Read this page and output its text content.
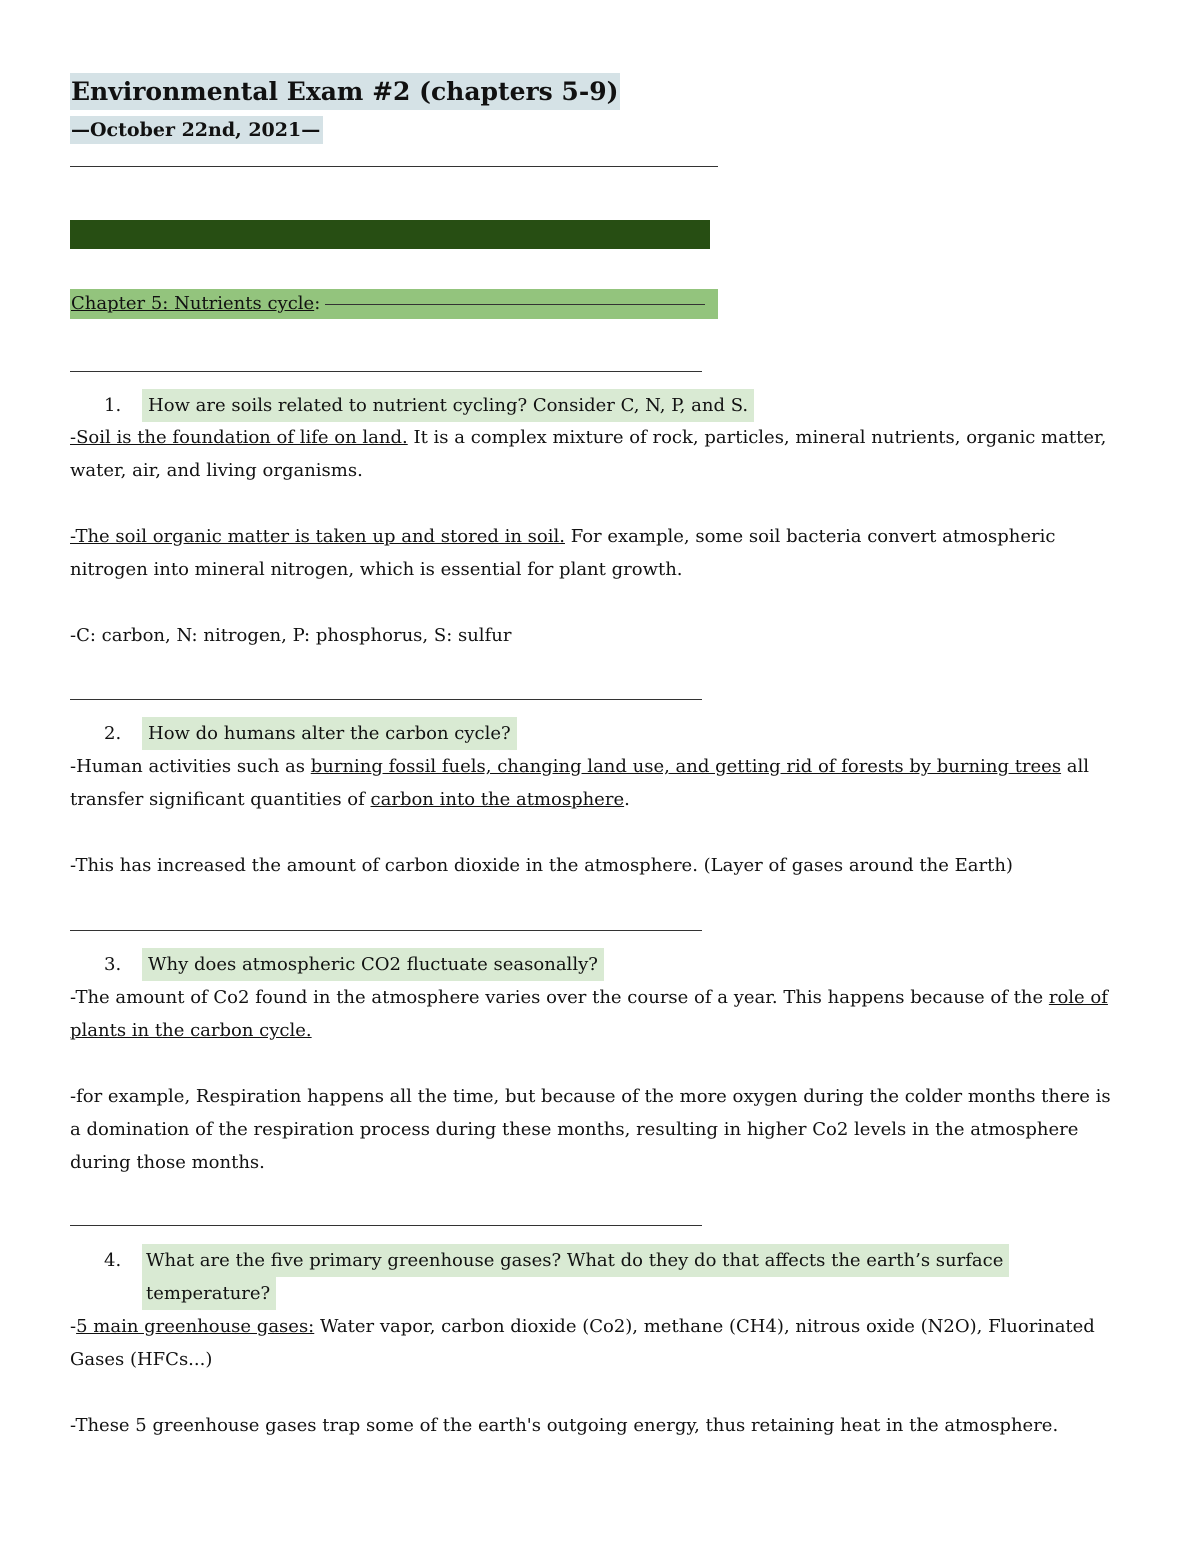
Environmental Exam #2 (chapters 5-9)
—October 22nd, 2021—
Chapter 5: Nutrients cycle:
1.	How are soils related to nutrient cycling? Consider C, N, P, and S.

-Soil is the foundation of life on land. It is a complex mixture of rock, particles, mineral nutrients, organic matter, water, air, and living organisms.

-The soil organic matter is taken up and stored in soil. For example, some soil bacteria convert atmospheric nitrogen into mineral nitrogen, which is essential for plant growth.

-C: carbon, N: nitrogen, P: phosphorus, S: sulfur

2.	How do humans alter the carbon cycle?

-Human activities such as burning fossil fuels, changing land use, and getting rid of forests by burning trees all transfer significant quantities of carbon into the atmosphere.

-This has increased the amount of carbon dioxide in the atmosphere. (Layer of gases around the Earth)

3.	Why does atmospheric CO2 fluctuate seasonally?

-The amount of Co2 found in the atmosphere varies over the course of a year. This happens because of the role of plants in the carbon cycle.

-for example, Respiration happens all the time, but because of the more oxygen during the colder months there is a domination of the respiration process during these months, resulting in higher Co2 levels in the atmosphere during those months.

4. What are the five primary greenhouse gases? What do they do that affects the earth’s surface
temperature?

-5 main greenhouse gases: Water vapor, carbon dioxide (Co2), methane (CH4), nitrous oxide (N2O), Fluorinated Gases (HFCs...)

-These 5 greenhouse gases trap some of the earth's outgoing energy, thus retaining heat in the atmosphere.
